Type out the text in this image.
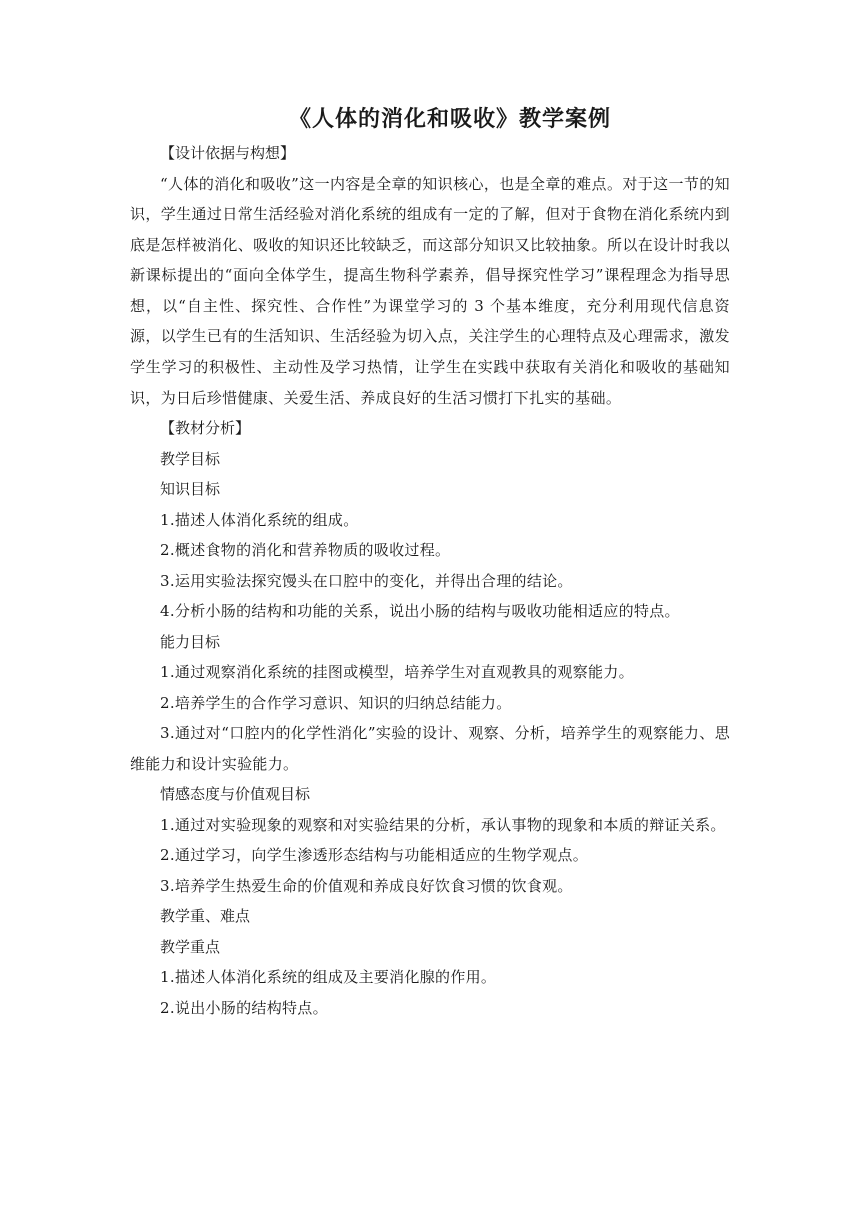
《人体的消化和吸收》教学案例

【设计依据与构想】

“人体的消化和吸收”这一内容是全章的知识核心，也是全章的难点。对于这一节的知识，学生通过日常生活经验对消化系统的组成有一定的了解，但对于食物在消化系统内到底是怎样被消化、吸收的知识还比较缺乏，而这部分知识又比较抽象。所以在设计时我以新课标提出的“面向全体学生，提高生物科学素养，倡导探究性学习”课程理念为指导思想，以“自主性、探究性、合作性”为课堂学习的 3 个基本维度，充分利用现代信息资源，以学生已有的生活知识、生活经验为切入点，关注学生的心理特点及心理需求，激发学生学习的积极性、主动性及学习热情，让学生在实践中获取有关消化和吸收的基础知识，为日后珍惜健康、关爱生活、养成良好的生活习惯打下扎实的基础。

【教材分析】

教学目标

知识目标

1.描述人体消化系统的组成。

2.概述食物的消化和营养物质的吸收过程。

3.运用实验法探究馒头在口腔中的变化，并得出合理的结论。

4.分析小肠的结构和功能的关系，说出小肠的结构与吸收功能相适应的特点。

能力目标

1.通过观察消化系统的挂图或模型，培养学生对直观教具的观察能力。

2.培养学生的合作学习意识、知识的归纳总结能力。

3.通过对“口腔内的化学性消化”实验的设计、观察、分析，培养学生的观察能力、思维能力和设计实验能力。

情感态度与价值观目标

1.通过对实验现象的观察和对实验结果的分析，承认事物的现象和本质的辩证关系。

2.通过学习，向学生渗透形态结构与功能相适应的生物学观点。

3.培养学生热爱生命的价值观和养成良好饮食习惯的饮食观。

教学重、难点

教学重点

1.描述人体消化系统的组成及主要消化腺的作用。

2.说出小肠的结构特点。
